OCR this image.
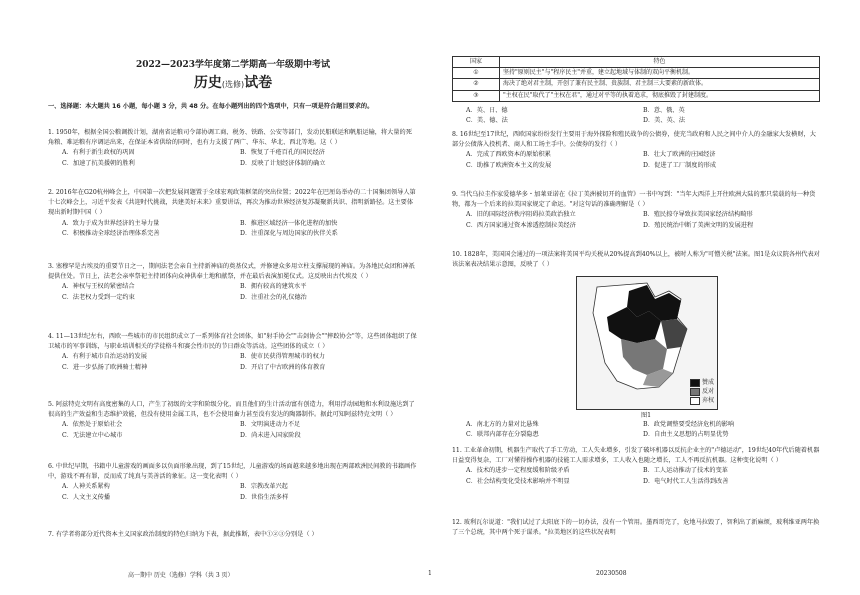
2022—2023学年度第二学期高一年级期中考试
历史(选修)试卷
一、选择题：本大题共 16 小题，每小题 3 分，共 48 分。在每小题列出的四个选项中，只有一项是符合题目要求的。

1. 1950年，根据全国公粮调拨计划，湖南省运粮司令部协调工商、税务、铁路、公安等部门，发动民船联运和帆船运输，将大量的死角粮、难运粮有序调运出来，在保证本省供给的同时，也有力支援了两广、华东、华北、西北等地。这（ ）

A．有利于新生政权的巩固	B．恢复了千疮百孔的国民经济
C．加速了抗美援朝的胜利	D．反映了计划经济体制的确立

2. 2016年在G20杭州峰会上，中国第一次把发展问题置于全球宏观政策框架的突出位置；2022年在巴厘岛举办的二十国集团领导人第十七次峰会上，习近平发表《共迎时代挑战，共建美好未来》重要讲话，再次为推动世界经济复苏凝聚新共识、指明新路径。这主要体现出新时期中国（ ）

A．致力于成为世界经济的主导力量	B．推进区域经济一体化进程的加快
C．积极推动全球经济治理体系完善	D．注重深化与周边国家的伙伴关系

3. 塞穆罕是古埃及的重要节日之一，期间法老会亲自主持新神庙的奠基仪式，并修建众多用立柱支撑展现的神庙。为各地民众团和神祇提供住处。节日上，法老会亲率祭祀主持团体向众神供奉土地和献祭，并在最后表演加冕仪式。这反映出古代埃及（ ）

A．神权与王权的紧密结合	B．拥有较高的建筑水平
C．法老权力受到一定约束	D．注重社会的礼仪德治

4. 11—13世纪左右，西欧一些城市的市民组织成立了一系列体育社会团体，如"射手协会""击剑协会""摔跤协会"等，这些团体组织了保卫城市的军事训练，与职业培训相关的学徒格斗和赛会性市民的节日群众等活动。这些团体的成立（ ）

A．有利于城市自治运动的发展	B．使市民获得管理城市的权力
C．进一步弘扬了欧洲骑士精神	D．开启了中古欧洲的体育教育

5. 阿兹特克文明有高度密集的人口，产生了初级的文字和阶级分化，而且他们的生计活动富有创造力，利用浮动园地和水利设施达到了很高的生产效益和生态维护效能，但没有使用金属工具，也不会使用畜力甚至没有发达的陶器制作。据此可知阿兹特克文明（ ）

A．依然处于原始社会	B．文明演进动力不足
C．无法建立中心城市	D．尚未进入国家阶段

6. 中世纪早期，书籍中儿童游戏的画面多以负面形象出现，到了15世纪，儿童游戏的场面越来越多地出现在两部欧洲民间教的书籍画作中，游戏不再有罪，反而成了纯真与美善活的象征。这一变化表明（ ）

A．人神关系紧构	B．宗教改革兴起
C．人文主义传播	D．世俗生活多样

7. 有学者将部分近代资本主义国家政治制度的特色归纳为下表，据此推断，表中①②③分别是（ ）

国家	特色
①	坚持"原则民主"与"程序民主"并重，建立起地域与体制的双向平衡机制。
②	海决了绝对君主制，开创了兼有民主制、贵族制、君主制三大要素的新政体。
③	"主权在民"取代了"主权在君"，通过对平等的执着追求，彻底推毁了封建制度。
A．英、日、德	B．意、俄、英
C．美、德、法	D．美、英、法

8. 16世纪至17世纪，西欧国家纷纷发行主要用于海外探险和殖民战争的公债券，使充当政府和人民之间中介人的金融家大发横财，大部分公债落入投机者、商人和工场主手中。公债券的发行（ ）

A．完成了西欧资本的原始积累	B．壮大了欧洲的庄园经济
C．助推了欧洲资本主义的发展	D．促进了工厂制度的形成

9. 当代乌拉圭作家爱德华多・加莱亚诺在《拉丁美洲被切开的血管》一书中写到："当年大西洋上开往欧洲大陆的那只装载的每一种货物，都为一个后来的拉美国家规定了命运。"对这句话的准确理解是（ ）

A．旧的国际经济秩序阻碍拉美政治独立	B．殖民掠夺导致拉美国家经济结构畸形
C．西方国家通过资本渗透控制拉美经济	D．殖民统治中断了美洲文明的发展进程

10. 1828年，美国国会通过的一项法案将美国平均关税从20%提高到40%以上，被时人称为"可憎关税"法案。图1是众议院各州代表对该法案表决结果示意图，反映了（ ）

A．南北方的力量对比悬殊	B．政党调整要受经济危机的影响
C．联邦内部存在分裂隐患	D．自由主义思想的占明显优势

11. 工业革命初期，机器生产取代了手工劳动，工人失业增多，引发了破坏机器以反抗企业主的"卢德运动"，19世纪40年代后随着机器日益变得复杂，工厂对懂得操作机器的技能工人需求增多，工人收入也随之增长，工人不再反抗机器。这种变化说明（ ）

A．技术的进步一定程度缓和阶级矛盾	B．工人运动推动了技术的变革
C．社会结构变化受技术影响并不明显	D．电气时代工人生活得到改善

12. 玻利瓦尔说道："我们试过了太阳底下的一切办法，没有一个管用。墨西哥完了，危地马拉毁了，智利出了新麻烦，玻利维亚两年换了三个总统，其中两个死于谋杀。"拉美地区的这些状况表明

赞成
反对
弃权
图1
高一期中 历史（选修）学科（共 3 页）	1	20230508
